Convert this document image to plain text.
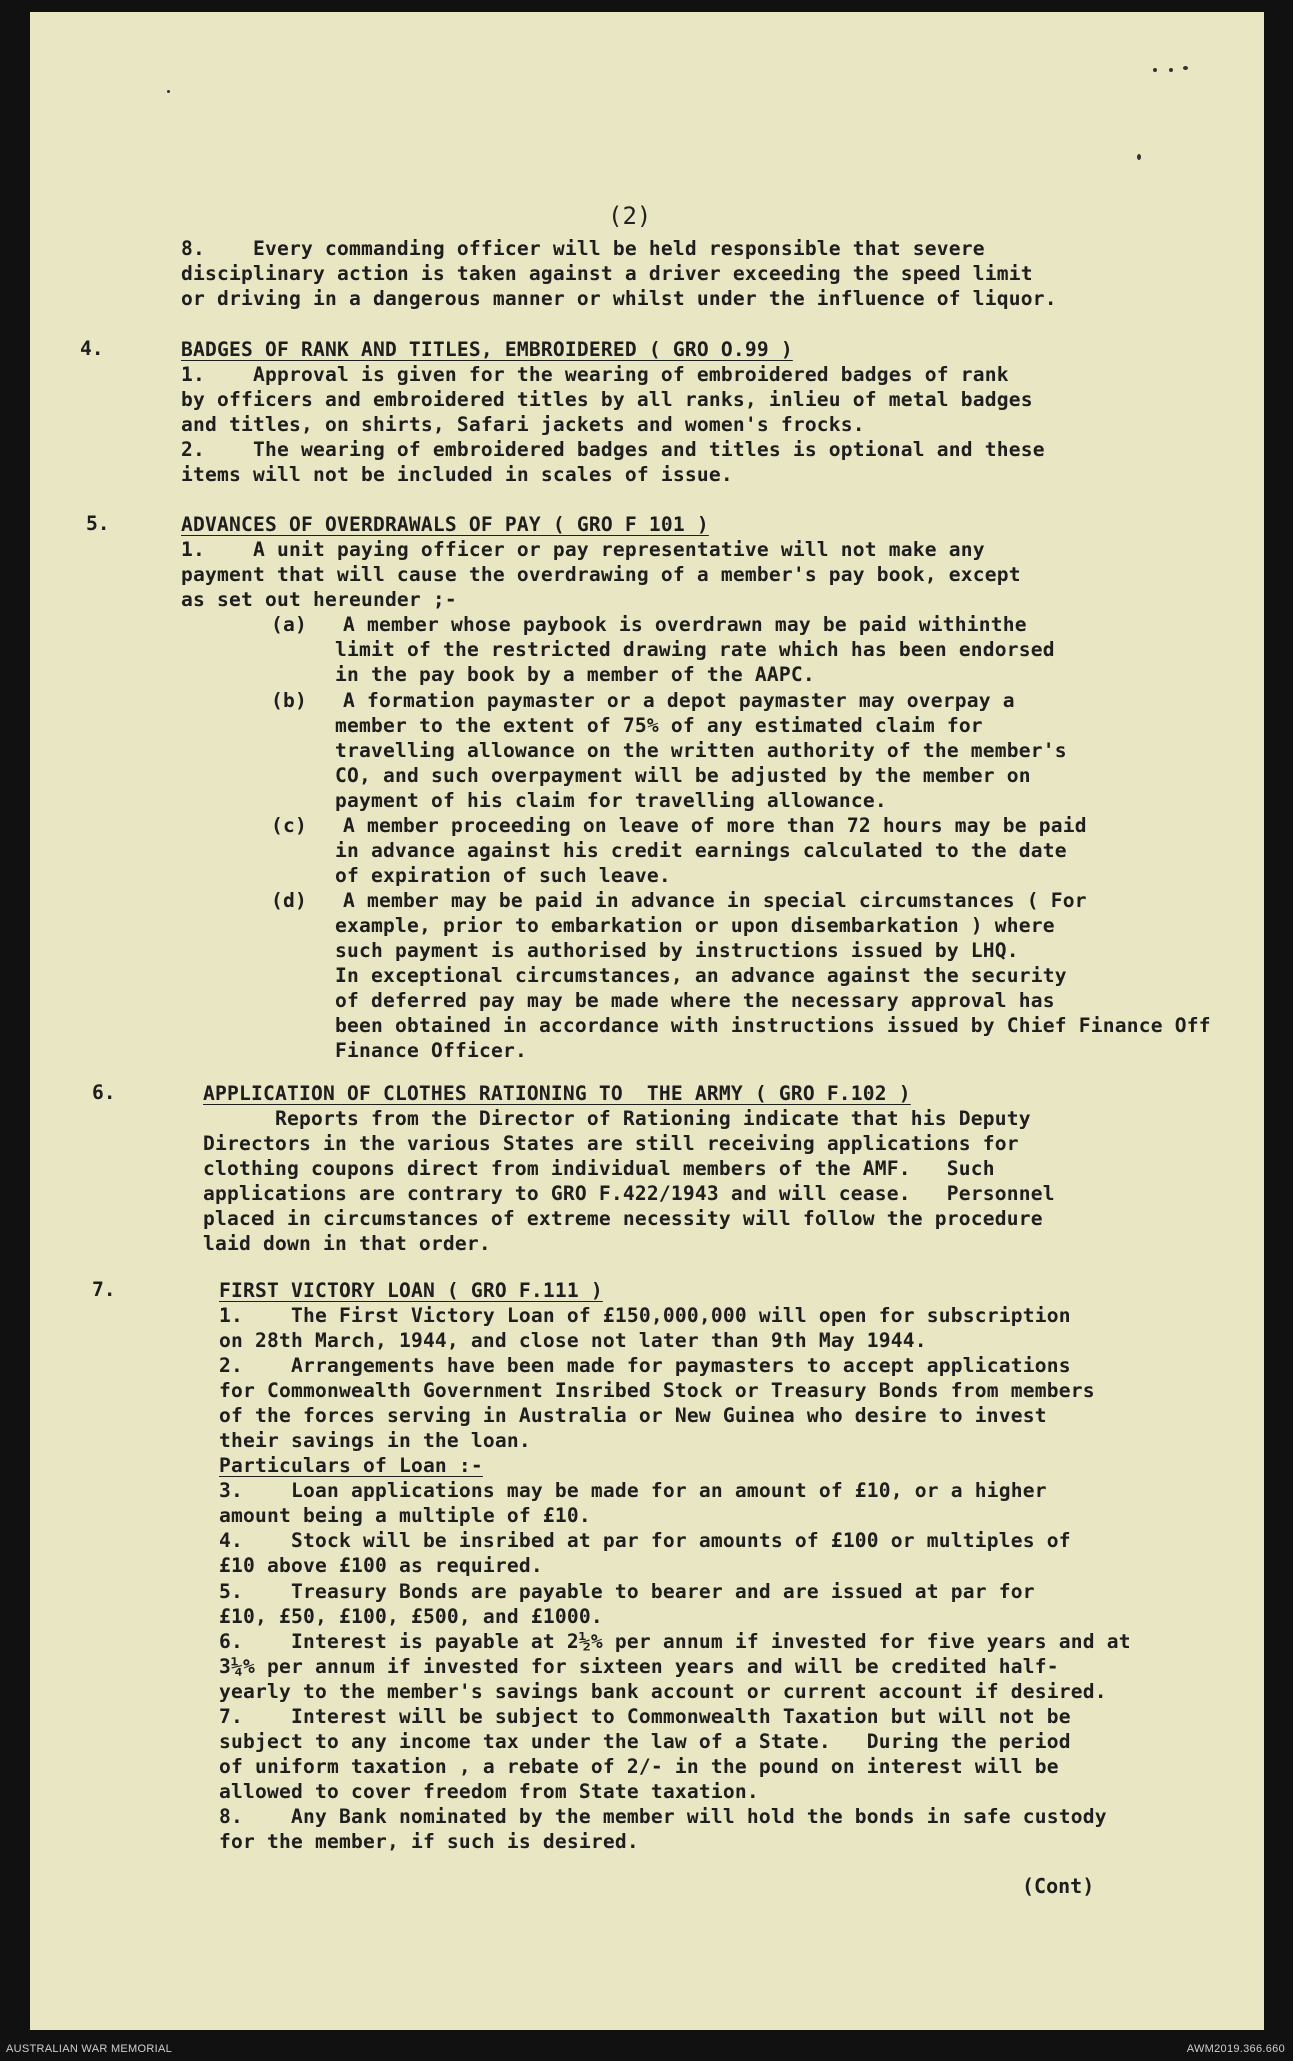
(2)
8.    Every commanding officer will be held responsible that severe
disciplinary action is taken against a driver exceeding the speed limit
or driving in a dangerous manner or whilst under the influence of liquor.
BADGES OF RANK AND TITLES, EMBROIDERED ( GRO O.99 )
1.    Approval is given for the wearing of embroidered badges of rank
by officers and embroidered titles by all ranks, inlieu of metal badges
and titles, on shirts, Safari jackets and women's frocks.
2.    The wearing of embroidered badges and titles is optional and these
items will not be included in scales of issue.
ADVANCES OF OVERDRAWALS OF PAY ( GRO F 101 )
1.    A unit paying officer or pay representative will not make any
payment that will cause the overdrawing of a member's pay book, except
as set out hereunder ;-
(a)   A member whose paybook is overdrawn may be paid withinthe
limit of the restricted drawing rate which has been endorsed
in the pay book by a member of the AAPC.
(b)   A formation paymaster or a depot paymaster may overpay a
member to the extent of 75% of any estimated claim for
travelling allowance on the written authority of the member's
CO, and such overpayment will be adjusted by the member on
payment of his claim for travelling allowance.
(c)   A member proceeding on leave of more than 72 hours may be paid
in advance against his credit earnings calculated to the date
of expiration of such leave.
(d)   A member may be paid in advance in special circumstances ( For
example, prior to embarkation or upon disembarkation ) where
such payment is authorised by instructions issued by LHQ.
In exceptional circumstances, an advance against the security
of deferred pay may be made where the necessary approval has
been obtained in accordance with instructions issued by Chief Finance Off
Finance Officer.
APPLICATION OF CLOTHES RATIONING TO  THE ARMY ( GRO F.102 )
Reports from the Director of Rationing indicate that his Deputy
Directors in the various States are still receiving applications for
clothing coupons direct from individual members of the AMF.   Such
applications are contrary to GRO F.422/1943 and will cease.   Personnel
placed in circumstances of extreme necessity will follow the procedure
laid down in that order.
FIRST VICTORY LOAN ( GRO F.111 )
1.    The First Victory Loan of £150,000,000 will open for subscription
on 28th March, 1944, and close not later than 9th May 1944.
2.    Arrangements have been made for paymasters to accept applications
for Commonwealth Government Insribed Stock or Treasury Bonds from members
of the forces serving in Australia or New Guinea who desire to invest
their savings in the loan.
Particulars of Loan :-
3.    Loan applications may be made for an amount of £10, or a higher
amount being a multiple of £10.
4.    Stock will be insribed at par for amounts of £100 or multiples of
£10 above £100 as required.
5.    Treasury Bonds are payable to bearer and are issued at par for
£10, £50, £100, £500, and £1000.
6.    Interest is payable at 2½% per annum if invested for five years and at
3¼% per annum if invested for sixteen years and will be credited half-
yearly to the member's savings bank account or current account if desired.
7.    Interest will be subject to Commonwealth Taxation but will not be
subject to any income tax under the law of a State.   During the period
of uniform taxation , a rebate of 2/- in the pound on interest will be
allowed to cover freedom from State taxation.
8.    Any Bank nominated by the member will hold the bonds in safe custody
for the member, if such is desired.
4.
5.
6.
7.
(Cont)
AUSTRALIAN WAR MEMORIAL	AWM2019.366.660
